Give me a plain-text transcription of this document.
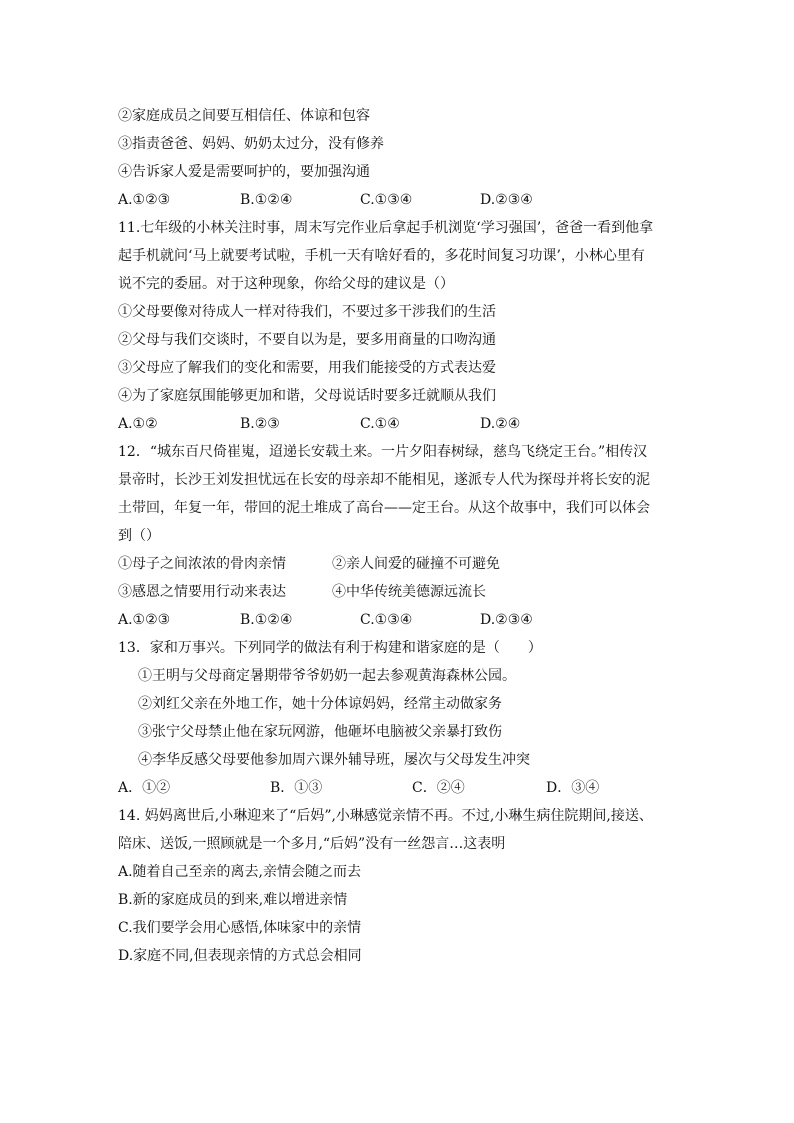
②家庭成员之间要互相信任、体谅和包容
③指责爸爸、妈妈、奶奶太过分，没有修养
④告诉家人爱是需要呵护的，要加强沟通
A.①②③	B.①②④	C.①③④	D.②③④
11.七年级的小林关注时事，周末写完作业后拿起手机浏览‘学习强国’，爸爸一看到他拿
起手机就问‘马上就要考试啦，手机一天有啥好看的，多花时间复习功课’，小林心里有
说不完的委屈。对于这种现象，你给父母的建议是（）
①父母要像对待成人一样对待我们，不要过多干涉我们的生活
②父母与我们交谈时，不要自以为是，要多用商量的口吻沟通
③父母应了解我们的变化和需要，用我们能接受的方式表达爱
④为了家庭氛围能够更加和谐，父母说话时要多迁就顺从我们
A.①②	B.②③	C.①④	D.②④
12．“城东百尺倚崔嵬，迢递长安载土来。一片夕阳春树绿，慈鸟飞绕定王台。”相传汉
景帝时，长沙王刘发担忧远在长安的母亲却不能相见，遂派专人代为探母并将长安的泥
土带回，年复一年，带回的泥土堆成了高台——定王台。从这个故事中，我们可以体会
到（）
①母子之间浓浓的骨肉亲情	②亲人间爱的碰撞不可避免
③感恩之情要用行动来表达	④中华传统美德源远流长
A.①②③	B.①②④	C.①③④	D.②③④
13．家和万事兴。下列同学的做法有利于构建和谐家庭的是（　　）
①王明与父母商定暑期带爷爷奶奶一起去参观黄海森林公园。
②刘红父亲在外地工作，她十分体谅妈妈，经常主动做家务
③张宁父母禁止他在家玩网游，他砸坏电脑被父亲暴打致伤
④李华反感父母要他参加周六课外辅导班，屡次与父母发生冲突
A．①②	B．①③	C．②④	D．③④
14. 妈妈离世后,小琳迎来了“后妈”,小琳感觉亲情不再。不过,小琳生病住院期间,接送、
陪床、送饭,一照顾就是一个多月,“后妈”没有一丝怨言…这表明
A.随着自己至亲的离去,亲情会随之而去
B.新的家庭成员的到来,难以增进亲情
C.我们要学会用心感悟,体味家中的亲情
D.家庭不同,但表现亲情的方式总会相同
